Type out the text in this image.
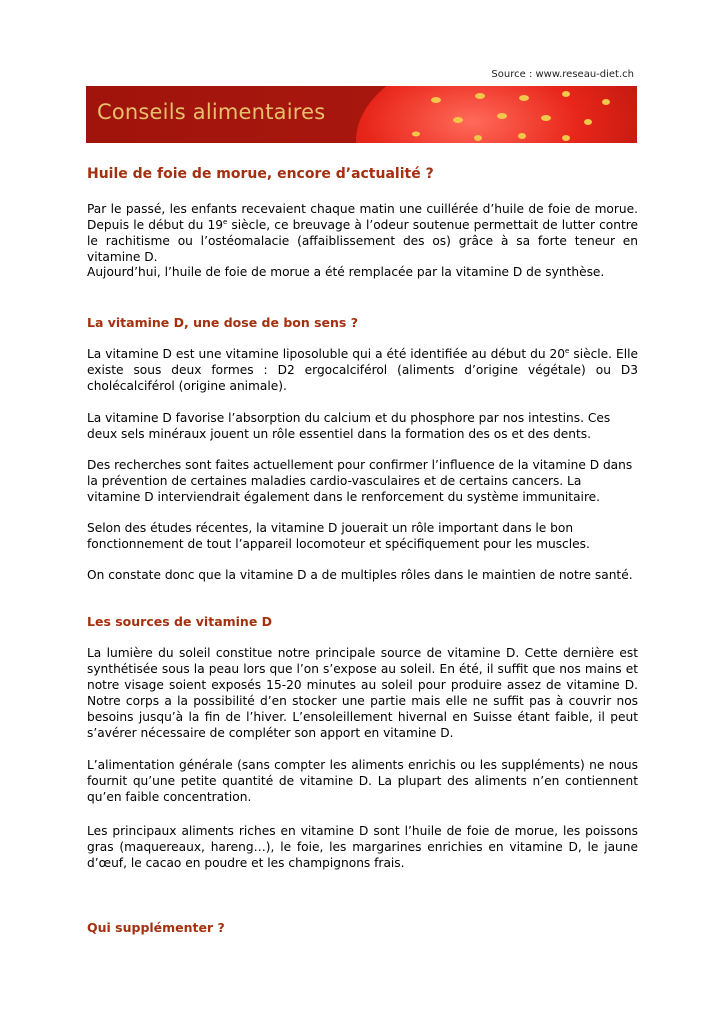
Source : www.reseau-diet.ch
Conseils alimentaires
Huile de foie de morue, encore d’actualité ?
Par le passé, les enfants recevaient chaque matin une cuillérée d’huile de foie de morue. Depuis le début du 19e siècle, ce breuvage à l’odeur soutenue permettait de lutter contre le rachitisme ou l’ostéomalacie (affaiblissement des os) grâce à sa forte teneur en vitamine D.
Aujourd’hui, l’huile de foie de morue a été remplacée par la vitamine D de synthèse.
La vitamine D, une dose de bon sens ?
La vitamine D est une vitamine liposoluble qui a été identifiée au début du 20e siècle. Elle existe sous deux formes : D2 ergocalciférol (aliments d’origine végétale) ou D3 cholécalciférol (origine animale).
La vitamine D favorise l’absorption du calcium et du phosphore par nos intestins. Ces deux sels minéraux jouent un rôle essentiel dans la formation des os et des dents.
Des recherches sont faites actuellement pour confirmer l’influence de la vitamine D dans la prévention de certaines maladies cardio-vasculaires et de certains cancers. La vitamine D interviendrait également dans le renforcement du système immunitaire.
Selon des études récentes, la vitamine D jouerait un rôle important dans le bon fonctionnement de tout l’appareil locomoteur et spécifiquement pour les muscles.
On constate donc que la vitamine D a de multiples rôles dans le maintien de notre santé.
Les sources de vitamine D
La lumière du soleil constitue notre principale source de vitamine D. Cette dernière est synthétisée sous la peau lors que l’on s’expose au soleil. En été, il suffit que nos mains et notre visage soient exposés 15-20 minutes au soleil pour produire assez de vitamine D. Notre corps a la possibilité d’en stocker une partie mais elle ne suffit pas à couvrir nos besoins jusqu’à la fin de l’hiver. L’ensoleillement hivernal en Suisse étant faible, il peut s’avérer nécessaire de compléter son apport en vitamine D.
L’alimentation générale (sans compter les aliments enrichis ou les suppléments) ne nous fournit qu’une petite quantité de vitamine D. La plupart des aliments n’en contiennent qu’en faible concentration.
Les principaux aliments riches en vitamine D sont l’huile de foie de morue, les poissons gras (maquereaux, hareng…), le foie, les margarines enrichies en vitamine D, le jaune d’œuf, le cacao en poudre et les champignons frais.
Qui supplémenter ?
